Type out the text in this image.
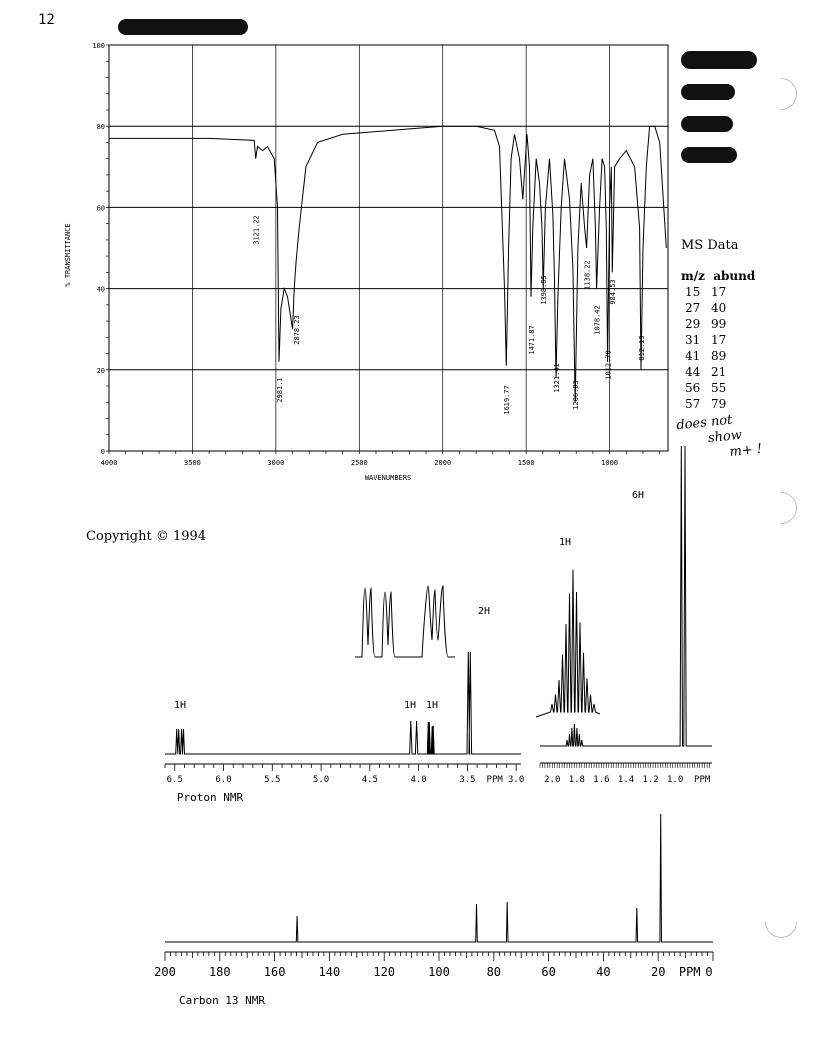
12
Copyright © 1994
MS Data
m/z abund
15 17
27 40
29 99
31 17
41 89
44 21
56 55
57 79
does not
show
m+ !
4000	3500	3000	2500	2000	1500	1000
0
20
40
60
80
100
WAVENUMBERS
% TRANSMITTANCE	3121.22
2981.1
2878.23
1619.77
1471.87
1398.85
1321.41
1206.03
1138.22
1078.42
1012.78
984.53
812.13
6.5	6.0	5.5	5.0	4.5	4.0	3.5	3.0
PPM
Proton NMR
2.0 1.8 1.6 1.4 1.2 1.0 PPM
1H	1H 1H
2H
1H
6H
200	180	160	140	120	100	80	60	40	20	0
PPM
Carbon 13 NMR
